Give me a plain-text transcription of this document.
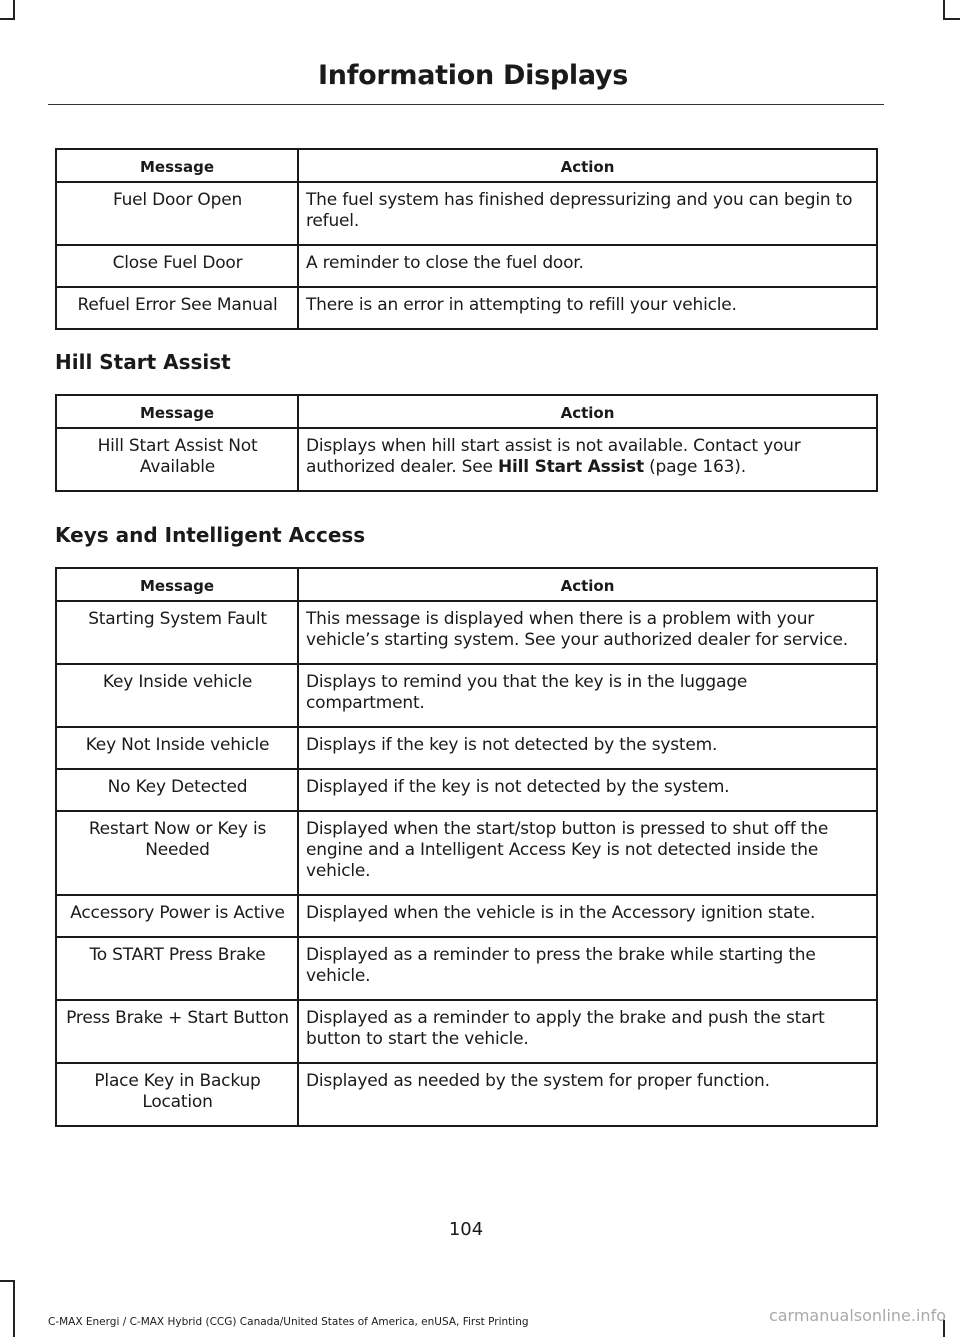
Information Displays
Message	Action
Fuel Door Open	The fuel system has finished depressurizing and you can begin to refuel.
Close Fuel Door	A reminder to close the fuel door.
Refuel Error See Manual	There is an error in attempting to refill your vehicle.
Hill Start Assist
Message	Action
Hill Start Assist Not Available	Displays when hill start assist is not available. Contact your authorized dealer. See Hill Start Assist (page 163).
Keys and Intelligent Access
Message	Action
Starting System Fault	This message is displayed when there is a problem with your vehicle’s starting system. See your authorized dealer for service.
Key Inside vehicle	Displays to remind you that the key is in the luggage compartment.
Key Not Inside vehicle	Displays if the key is not detected by the system.
No Key Detected	Displayed if the key is not detected by the system.
Restart Now or Key is Needed	Displayed when the start/stop button is pressed to shut off the engine and a Intelligent Access Key is not detected inside the vehicle.
Accessory Power is Active	Displayed when the vehicle is in the Accessory ignition state.
To START Press Brake	Displayed as a reminder to press the brake while starting the vehicle.
Press Brake + Start Button	Displayed as a reminder to apply the brake and push the start button to start the vehicle.
Place Key in Backup Location	Displayed as needed by the system for proper function.
104
C-MAX Energi / C-MAX Hybrid (CCG) Canada/United States of America, enUSA, First Printing	carmanualsonline.info
